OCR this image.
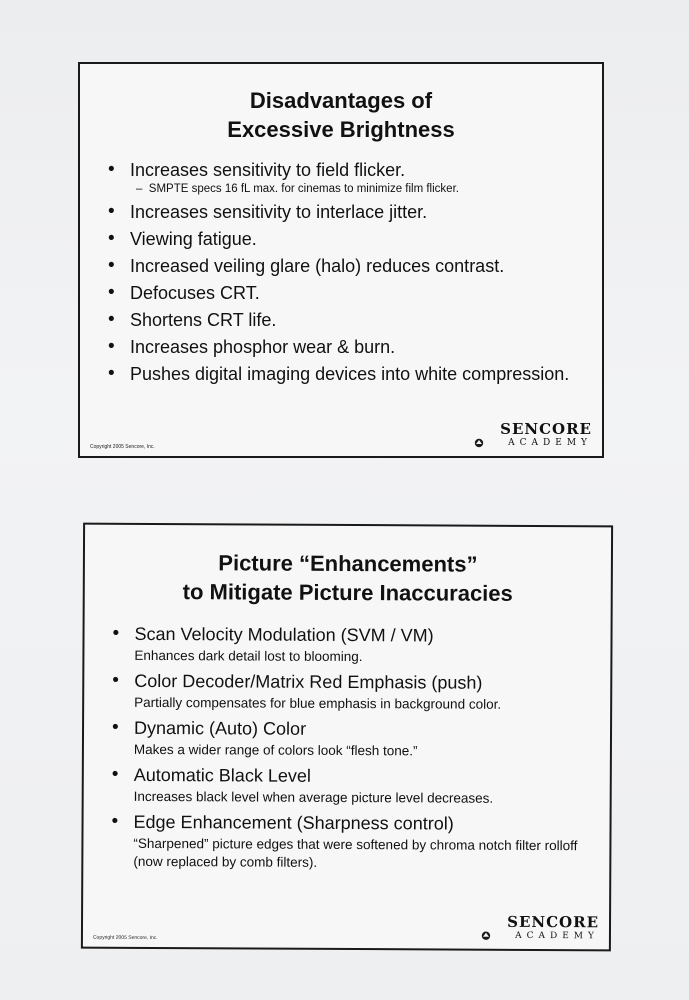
Disadvantages of
Excessive Brightness
• Increases sensitivity to field flicker.
–  SMPTE specs 16 fL max. for cinemas to minimize film flicker.
• Increases sensitivity to interlace jitter.
• Viewing fatigue.
• Increased veiling glare (halo) reduces contrast.
• Defocuses CRT.
• Shortens CRT life.
• Increases phosphor wear & burn.
• Pushes digital imaging devices into white compression.
Copyright 2005 Sencore, Inc.
SENCORE
ACADEMY
Picture “Enhancements”
to Mitigate Picture Inaccuracies
• Scan Velocity Modulation (SVM / VM)
Enhances dark detail lost to blooming.
• Color Decoder/Matrix Red Emphasis (push)
Partially compensates for blue emphasis in background color.
• Dynamic (Auto) Color
Makes a wider range of colors look “flesh tone.”
• Automatic Black Level
Increases black level when average picture level decreases.
• Edge Enhancement (Sharpness control)
“Sharpened” picture edges that were softened by chroma notch filter rolloff (now replaced by comb filters).
Copyright 2005 Sencore, Inc.
SENCORE
ACADEMY
